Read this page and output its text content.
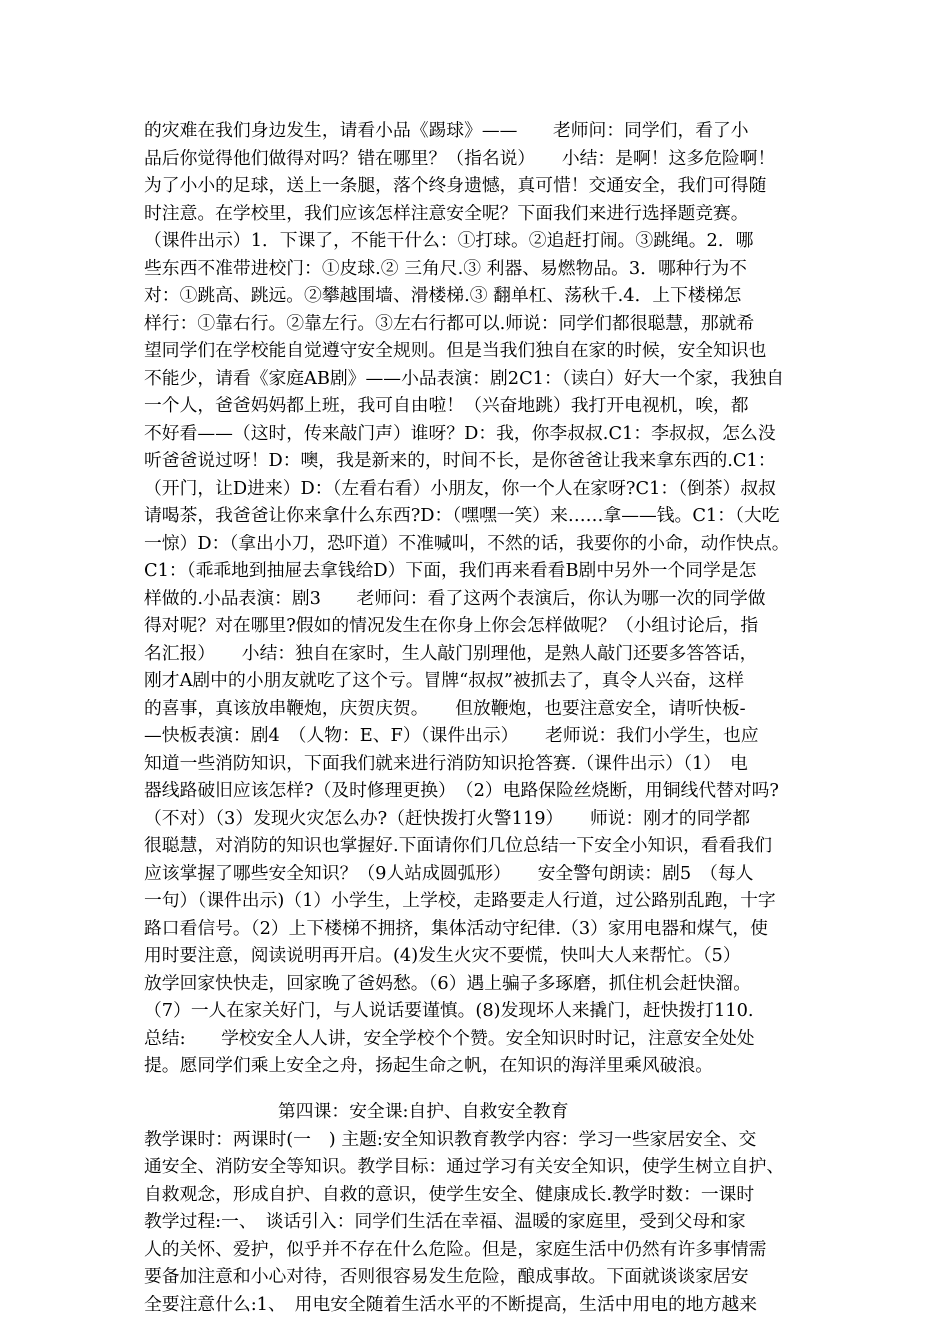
的灾难在我们身边发生，请看小品《踢球》——　　老师问：同学们，看了小
品后你觉得他们做得对吗？错在哪里？（指名说）　　小结：是啊！这多危险啊！
为了小小的足球，送上一条腿，落个终身遗憾，真可惜！交通安全，我们可得随
时注意。在学校里，我们应该怎样注意安全呢？下面我们来进行选择题竞赛。
（课件出示）1．下课了，不能干什么：①打球。②追赶打闹。③跳绳。2．哪
些东西不准带进校门：①皮球.② 三角尺.③ 利器、易燃物品。3．哪种行为不
对：①跳高、跳远。②攀越围墙、滑楼梯.③ 翻单杠、荡秋千.4．上下楼梯怎
样行：①靠右行。②靠左行。③左右行都可以.师说：同学们都很聪慧，那就希
望同学们在学校能自觉遵守安全规则。但是当我们独自在家的时候，安全知识也
不能少，请看《家庭AB剧》——小品表演：剧2C1：（读白）好大一个家，我独自
一个人，爸爸妈妈都上班，我可自由啦！（兴奋地跳）我打开电视机，唉，都
不好看——（这时，传来敲门声）谁呀？D：我，你李叔叔.C1：李叔叔，怎么没
听爸爸说过呀！D：噢，我是新来的，时间不长，是你爸爸让我来拿东西的.C1：
（开门，让D进来）D：（左看右看）小朋友，你一个人在家呀?C1：（倒茶）叔叔
请喝茶，我爸爸让你来拿什么东西?D：（嘿嘿一笑）来……拿——钱。C1：（大吃
一惊）D：（拿出小刀，恐吓道）不准喊叫，不然的话，我要你的小命，动作快点。
C1：（乖乖地到抽屉去拿钱给D）下面，我们再来看看B剧中另外一个同学是怎
样做的.小品表演：剧3　　老师问：看了这两个表演后，你认为哪一次的同学做
得对呢？对在哪里?假如的情况发生在你身上你会怎样做呢？（小组讨论后，指
名汇报）　　小结：独自在家时，生人敲门别理他，是熟人敲门还要多答答话，
刚才A剧中的小朋友就吃了这个亏。冒牌“叔叔”被抓去了，真令人兴奋，这样
的喜事，真该放串鞭炮，庆贺庆贺。　　但放鞭炮，也要注意安全，请听快板-
—快板表演：剧4　（人物：E、F）（课件出示）　　老师说：我们小学生，也应
知道一些消防知识，下面我们就来进行消防知识抢答赛.（课件出示）（1）　电
器线路破旧应该怎样?（及时修理更换）　（2）电路保险丝烧断，用铜线代替对吗?
（不对）（3）发现火灾怎么办?（赶快拨打火警119）　　师说：刚才的同学都
很聪慧，对消防的知识也掌握好.下面请你们几位总结一下安全小知识，看看我们
应该掌握了哪些安全知识？（9人站成圆弧形）　　安全警句朗读：剧5　（每人
一句）（课件出示)（1）小学生，上学校，走路要走人行道，过公路别乱跑，十字
路口看信号。（2）上下楼梯不拥挤，集体活动守纪律.（3）家用电器和煤气，使
用时要注意，阅读说明再开启。(4)发生火灾不要慌，快叫大人来帮忙。（5）
放学回家快快走，回家晚了爸妈愁。（6）遇上骗子多琢磨，抓住机会赶快溜。
（7）一人在家关好门，与人说话要谨慎。(8)发现坏人来撬门，赶快拨打110.
总结:　　学校安全人人讲，安全学校个个赞。安全知识时时记，注意安全处处
提。愿同学们乘上安全之舟，扬起生命之帆，在知识的海洋里乘风破浪。
第四课：安全课:自护、自救安全教育
教学课时：两课时(一　) 主题:安全知识教育教学内容：学习一些家居安全、交
通安全、消防安全等知识。教学目标：通过学习有关安全知识，使学生树立自护、
自救观念，形成自护、自救的意识，使学生安全、健康成长.教学时数：一课时
教学过程:一、　谈话引入：同学们生活在幸福、温暖的家庭里，受到父母和家
人的关怀、爱护，似乎并不存在什么危险。但是，家庭生活中仍然有许多事情需
要备加注意和小心对待，否则很容易发生危险，酿成事故。下面就谈谈家居安
全要注意什么:1、　用电安全随着生活水平的不断提高，生活中用电的地方越来
